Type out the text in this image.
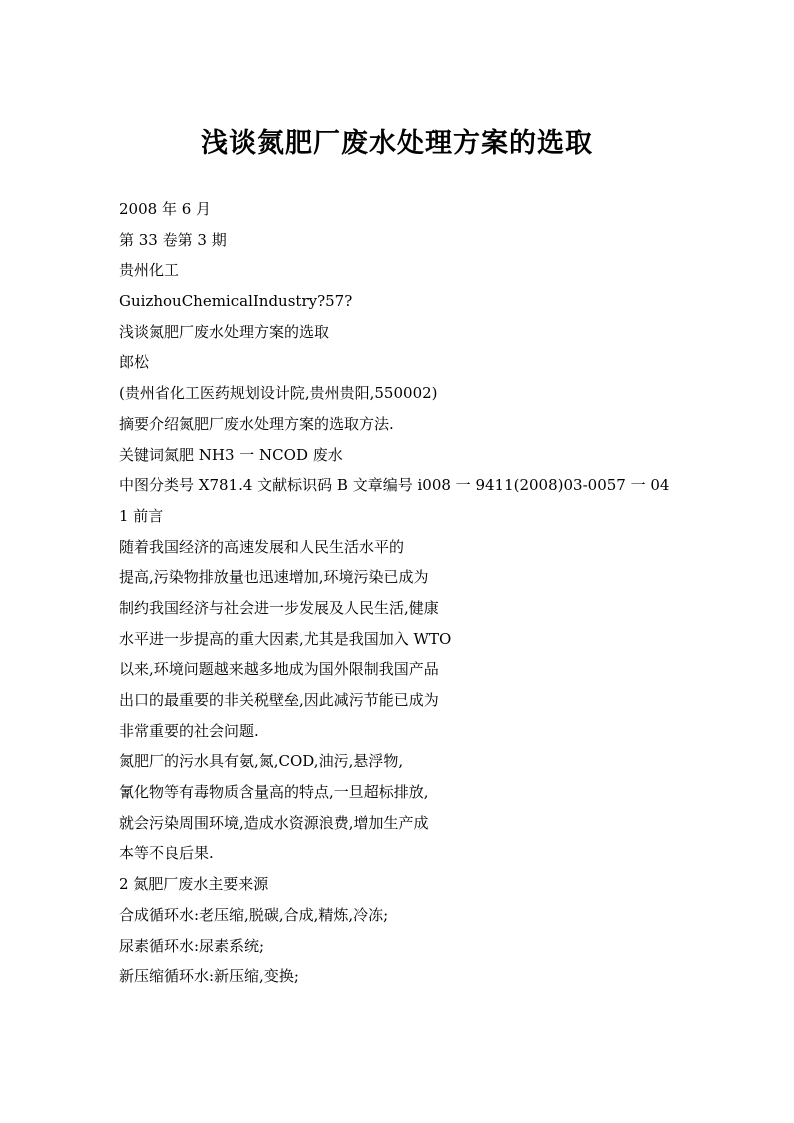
浅谈氮肥厂废水处理方案的选取
2008 年 6 月
第 33 卷第 3 期
贵州化工
GuizhouChemicalIndustry?57?
浅谈氮肥厂废水处理方案的选取
郎松
(贵州省化工医药规划设计院,贵州贵阳,550002)
摘要介绍氮肥厂废水处理方案的选取方法.
关键词氮肥 NH3 一 NCOD 废水
中图分类号 X781.4 文献标识码 B 文章编号 i008 一 9411(2008)03-0057 一 04
1 前言
随着我国经济的高速发展和人民生活水平的
提高,污染物排放量也迅速增加,环境污染已成为
制约我国经济与社会进一步发展及人民生活,健康
水平进一步提高的重大因素,尤其是我国加入 WTO
以来,环境问题越来越多地成为国外限制我国产品
出口的最重要的非关税壁垒,因此减污节能已成为
非常重要的社会问题.
氮肥厂的污水具有氨,氮,COD,油污,悬浮物,
氰化物等有毒物质含量高的特点,一旦超标排放,
就会污染周围环境,造成水资源浪费,增加生产成
本等不良后果.
2 氮肥厂废水主要来源
合成循环水:老压缩,脱碳,合成,精炼,冷冻;
尿素循环水:尿素系统;
新压缩循环水:新压缩,变换;
